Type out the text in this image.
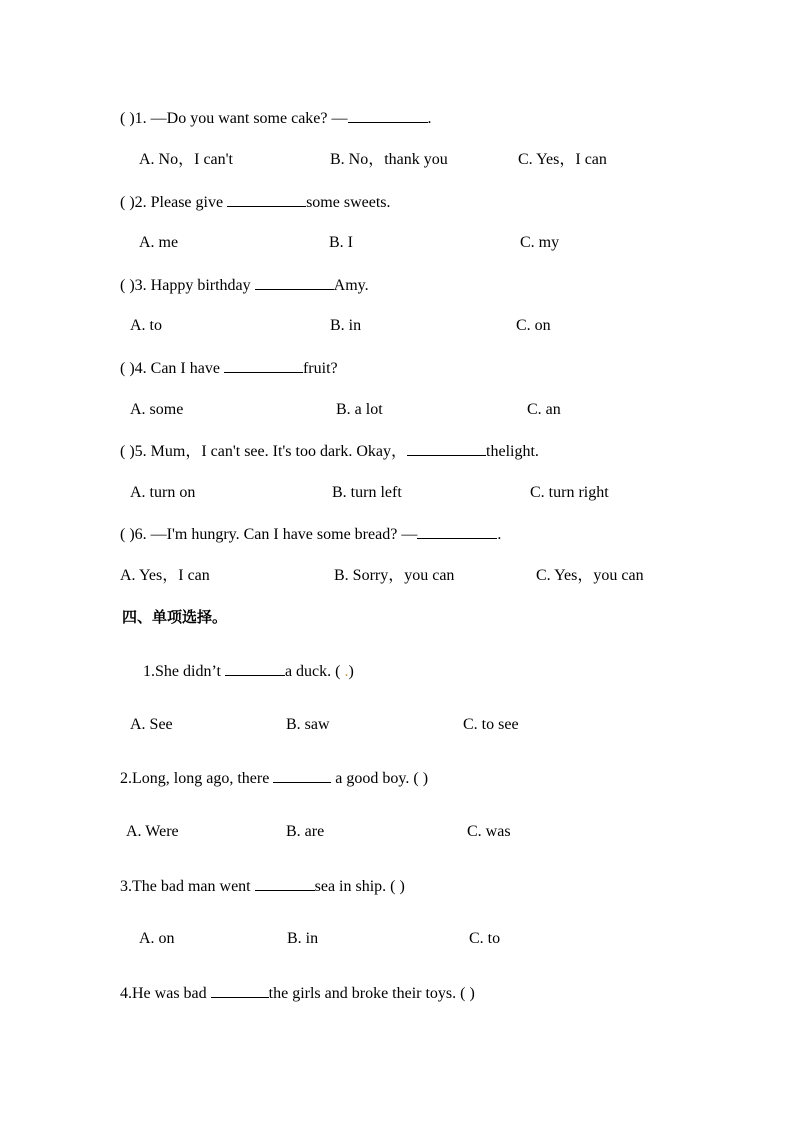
( )1. —Do you want some cake? —	.
A. No，I can't	B. No，thank you	C. Yes，I can
( )2. Please give	some sweets.
A. me	B. I	C. my
( )3. Happy birthday	Amy.
A. to	B. in	C. on
( )4. Can I have	fruit?
A. some	B. a lot	C. an
( )5. Mum，I can't see. It's too dark. Okay，	thelight.
A. turn on	B. turn left	C. turn right
( )6. —I'm hungry. Can I have some bread? —	.
A. Yes，I can	B. Sorry，you can	C. Yes，you can
四、单项选择。
1.She didn’t	a duck. ( .)
A. See	B. saw	C. to see
2.Long, long ago, there	a good boy. ( )
A. Were	B. are	C. was
3.The bad man went	sea in ship. ( )
A. on	B. in	C. to
4.He was bad	the girls and broke their toys. ( )
